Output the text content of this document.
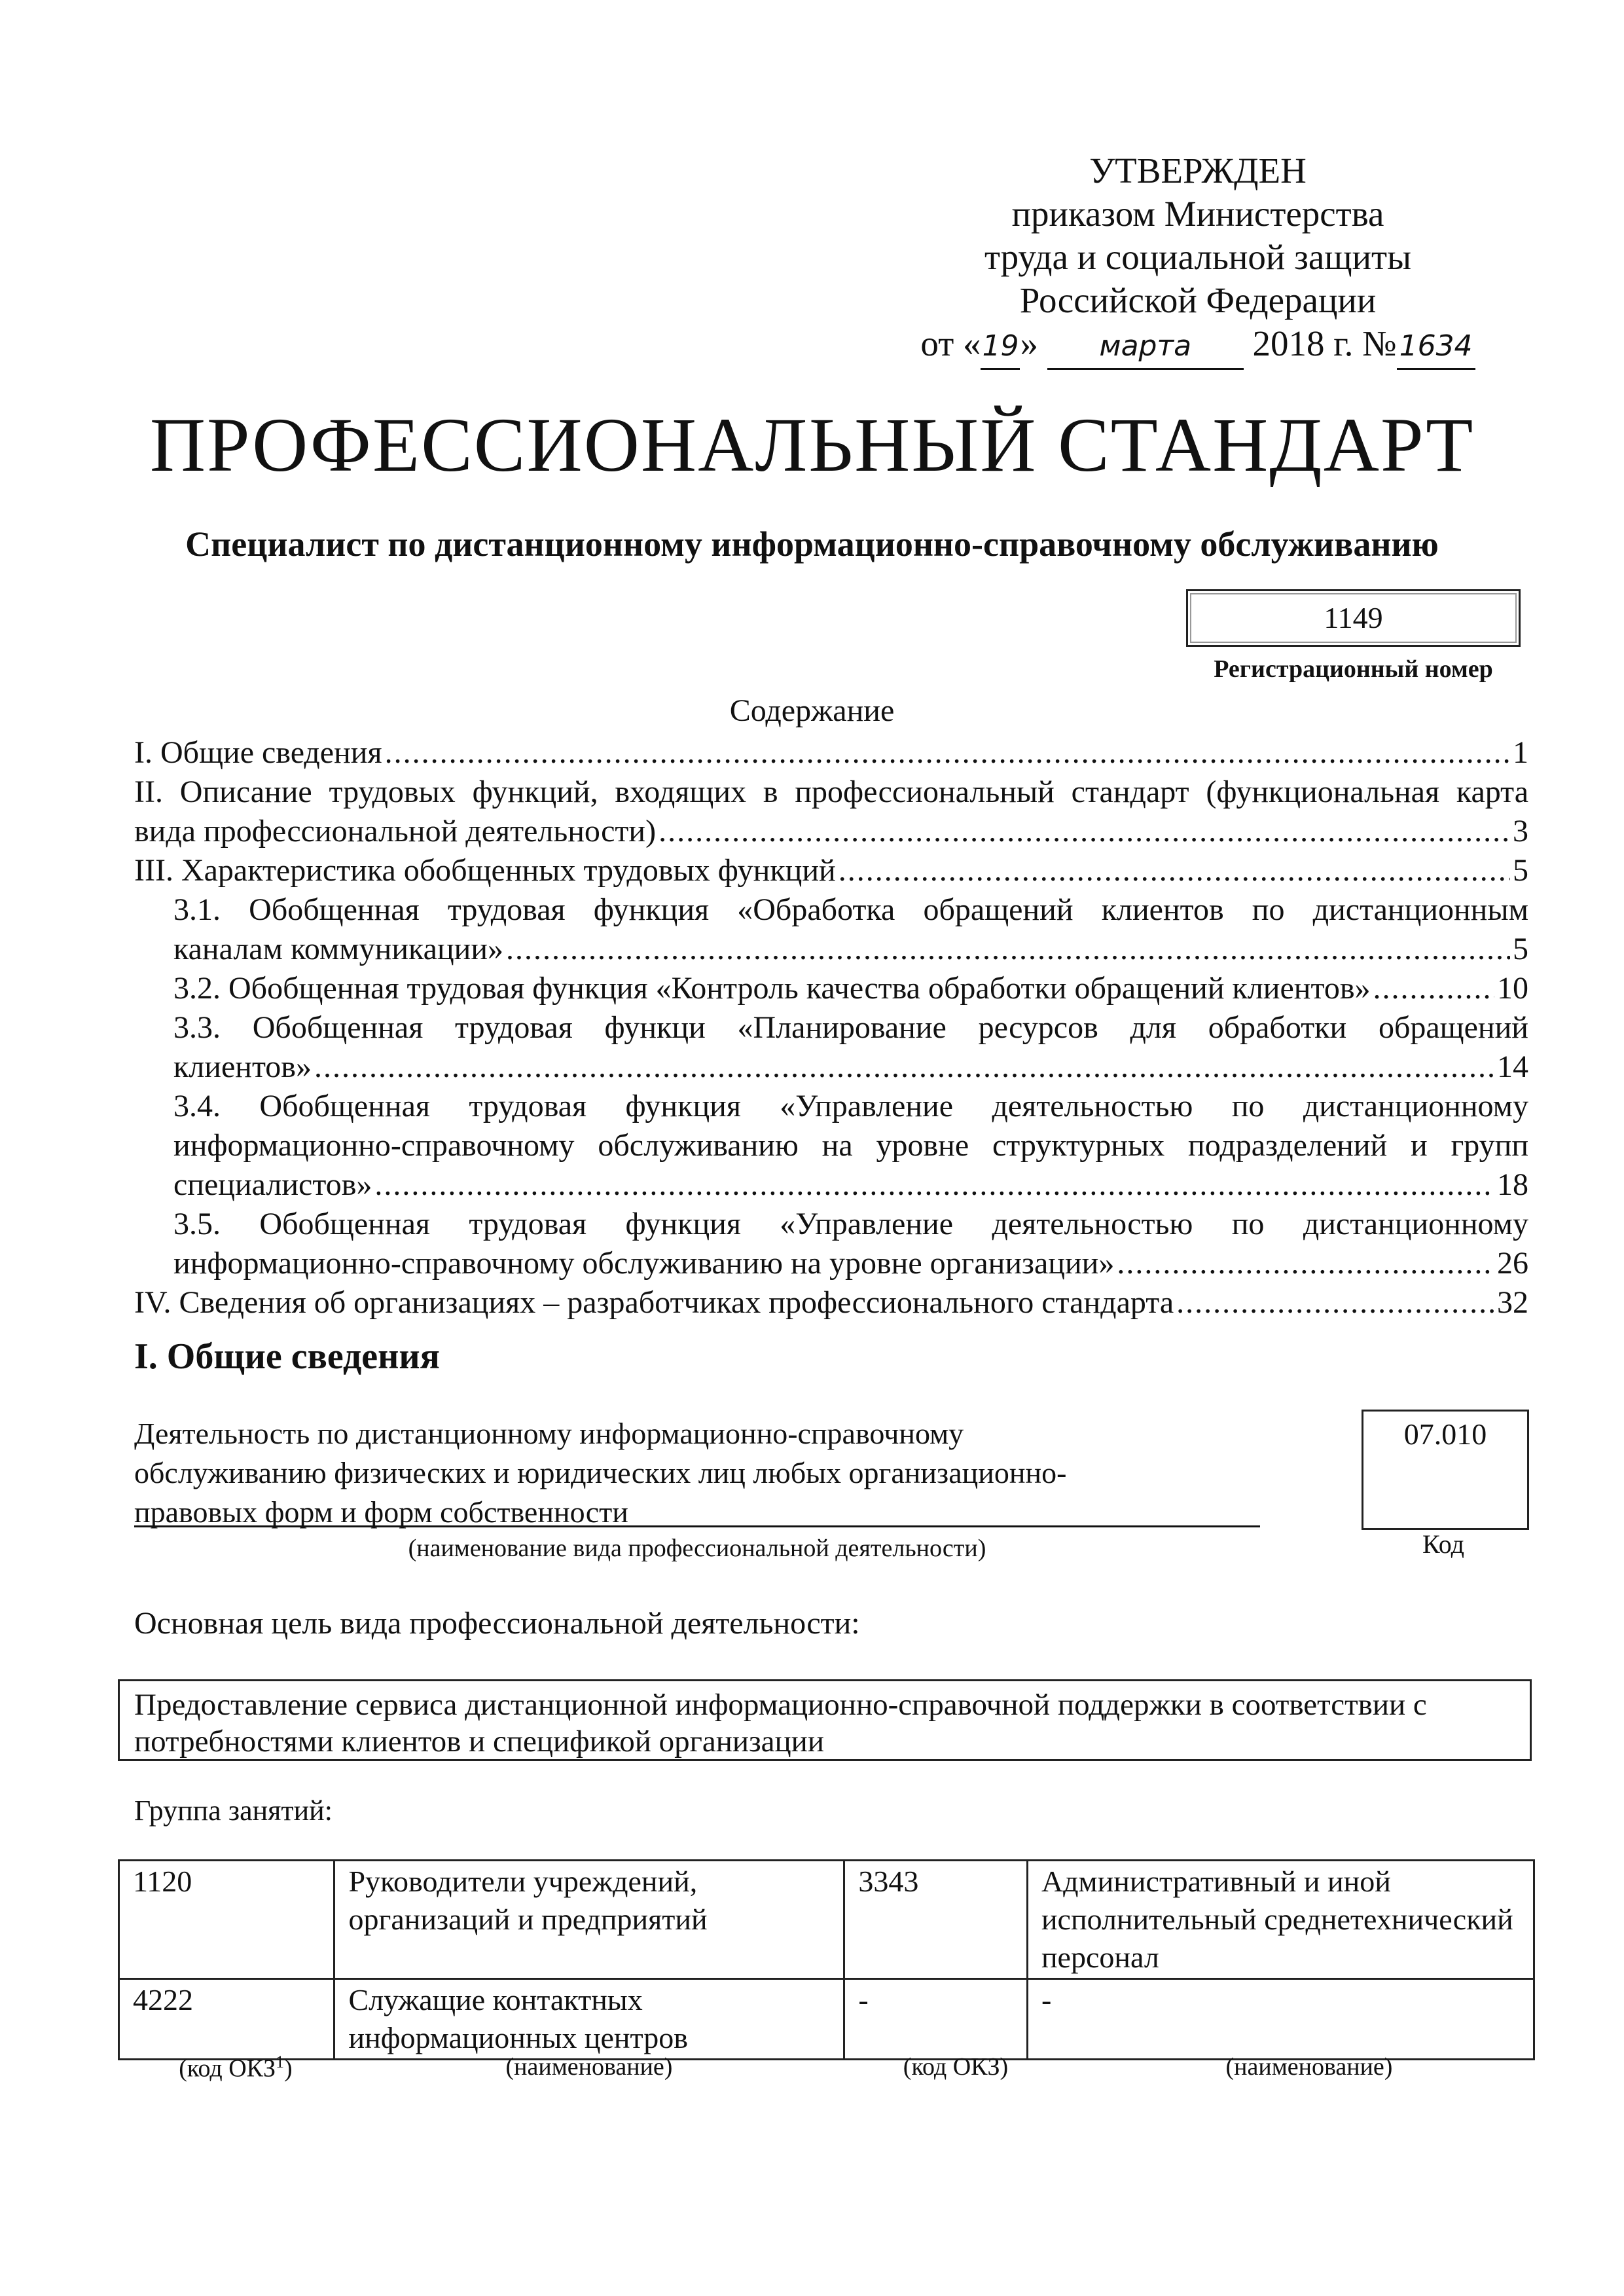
УТВЕРЖДЕН
приказом Министерства
труда и социальной защиты
Российской Федерации
от «19» марта 2018 г. №1634
ПРОФЕССИОНАЛЬНЫЙ СТАНДАРТ
Специалист по дистанционному информационно-справочному обслуживанию
1149
Регистрационный номер
Содержание
I. Общие сведения .....	1
II. Описание трудовых функций, входящих в профессиональный стандарт (функциональная карта
вида профессиональной деятельности) .....	3
III. Характеристика обобщенных трудовых функций .....	5
3.1. Обобщенная трудовая функция «Обработка обращений клиентов по дистанционным
каналам коммуникации» .....	5
3.2. Обобщенная трудовая функция «Контроль качества обработки обращений клиентов» .....	10
3.3. Обобщенная трудовая функци «Планирование ресурсов для обработки обращений
клиентов» .....	14
3.4. Обобщенная трудовая функция «Управление деятельностью по дистанционному
информационно-справочному обслуживанию на уровне структурных подразделений и групп
специалистов» .....	18
3.5. Обобщенная трудовая функция «Управление деятельностью по дистанционному
информационно-справочному обслуживанию на уровне организации» .....	26
IV. Сведения об организациях – разработчиках профессионального стандарта .....	32
I. Общие сведения
Деятельность по дистанционному информационно-справочному
обслуживанию физических и юридических лиц любых организационно-
правовых форм и форм собственности
(наименование вида профессиональной деятельности)
07.010
Код
Основная цель вида профессиональной деятельности:
Предоставление сервиса дистанционной информационно-справочной поддержки в соответствии с потребностями клиентов и спецификой организации
Группа занятий:
1120	Руководители учреждений, организаций и предприятий	3343	Административный и иной исполнительный среднетехнический персонал
4222	Служащие контактных информационных центров	-	-
(код ОКЗ$^1$)	(наименование)	(код ОКЗ)	(наименование)
